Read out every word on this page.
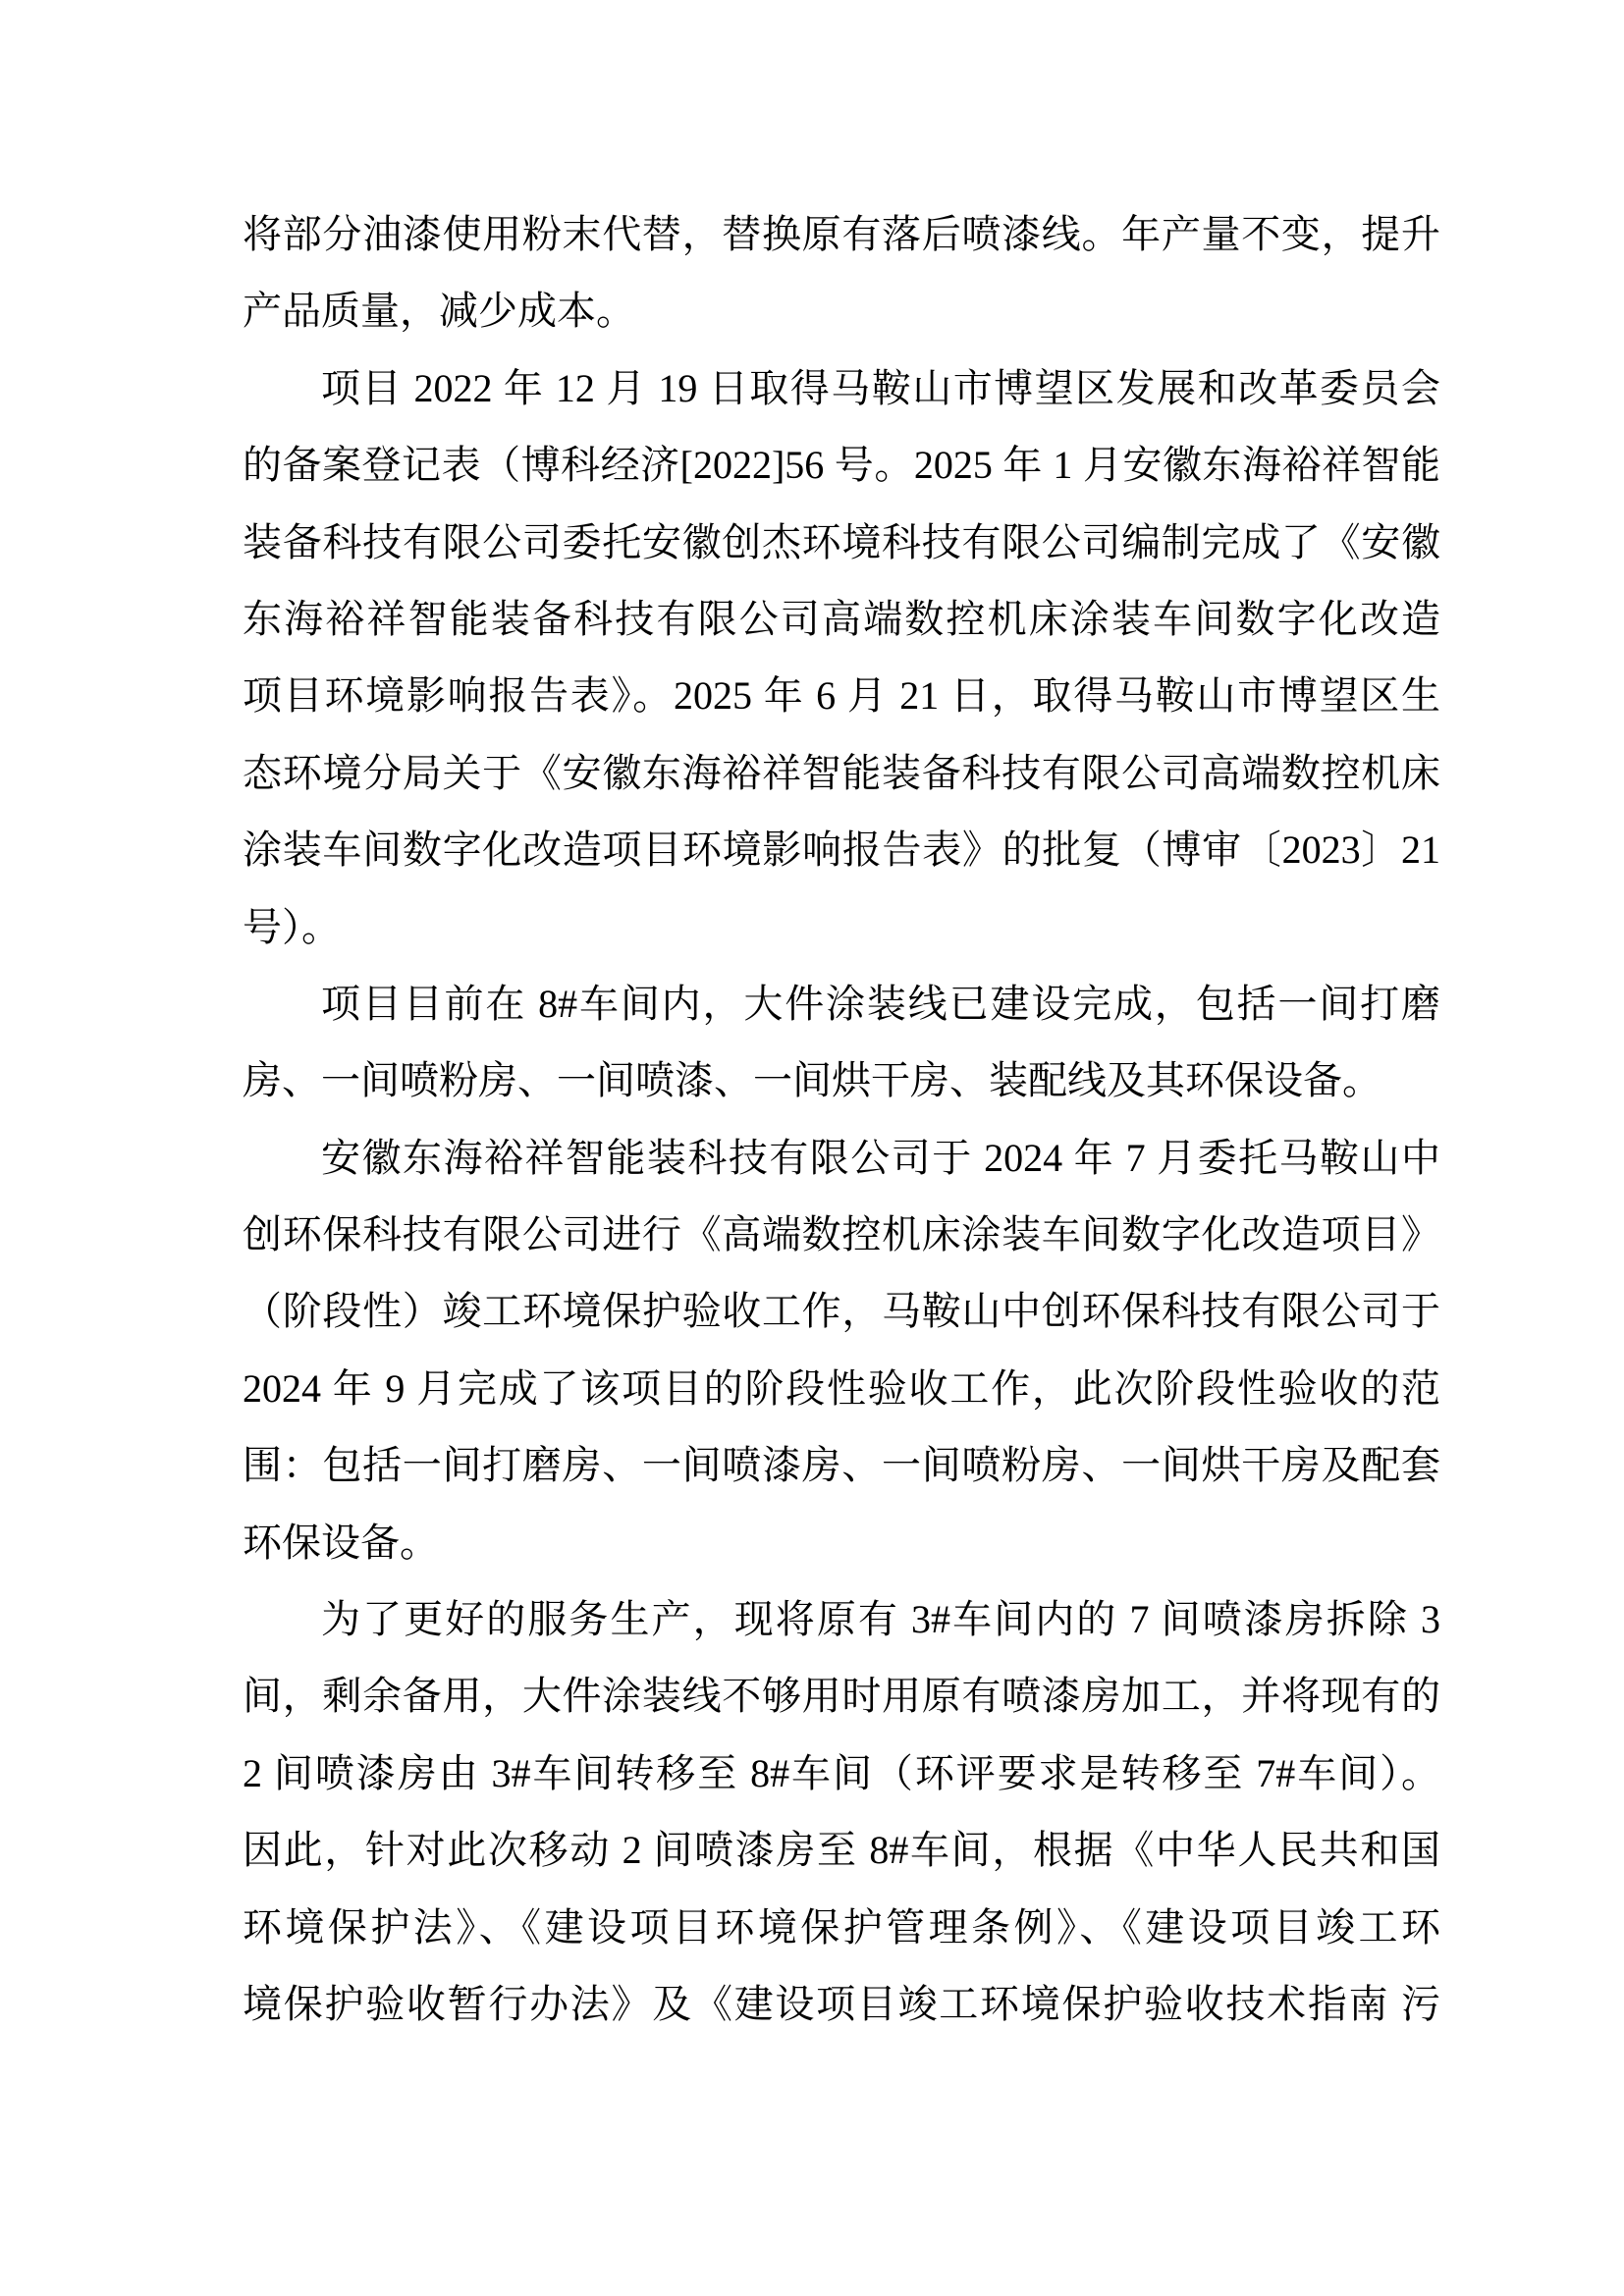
将部分油漆使用粉末代替，替换原有落后喷漆线。年产量不变，提升
产品质量，减少成本。
项目 2022 年 12 月 19 日取得马鞍山市博望区发展和改革委员会
的备案登记表（博科经济[2022]56 号。2025 年 1 月安徽东海裕祥智能
装备科技有限公司委托安徽创杰环境科技有限公司编制完成了《安徽
东海裕祥智能装备科技有限公司高端数控机床涂装车间数字化改造
项目环境影响报告表》。2025 年 6 月 21 日，取得马鞍山市博望区生
态环境分局关于《安徽东海裕祥智能装备科技有限公司高端数控机床
涂装车间数字化改造项目环境影响报告表》的批复（博审〔2023〕21
号）。
项目目前在 8#车间内，大件涂装线已建设完成，包括一间打磨
房、一间喷粉房、一间喷漆、一间烘干房、装配线及其环保设备。
安徽东海裕祥智能装科技有限公司于 2024 年 7 月委托马鞍山中
创环保科技有限公司进行《高端数控机床涂装车间数字化改造项目》
（阶段性）竣工环境保护验收工作，马鞍山中创环保科技有限公司于
2024 年 9 月完成了该项目的阶段性验收工作，此次阶段性验收的范
围：包括一间打磨房、一间喷漆房、一间喷粉房、一间烘干房及配套
环保设备。
为了更好的服务生产，现将原有 3#车间内的 7 间喷漆房拆除 3
间，剩余备用，大件涂装线不够用时用原有喷漆房加工，并将现有的
2 间喷漆房由 3#车间转移至 8#车间（环评要求是转移至 7#车间）。
因此，针对此次移动 2 间喷漆房至 8#车间，根据《中华人民共和国
环境保护法》、《建设项目环境保护管理条例》、《建设项目竣工环
境保护验收暂行办法》及《建设项目竣工环境保护验收技术指南 污
